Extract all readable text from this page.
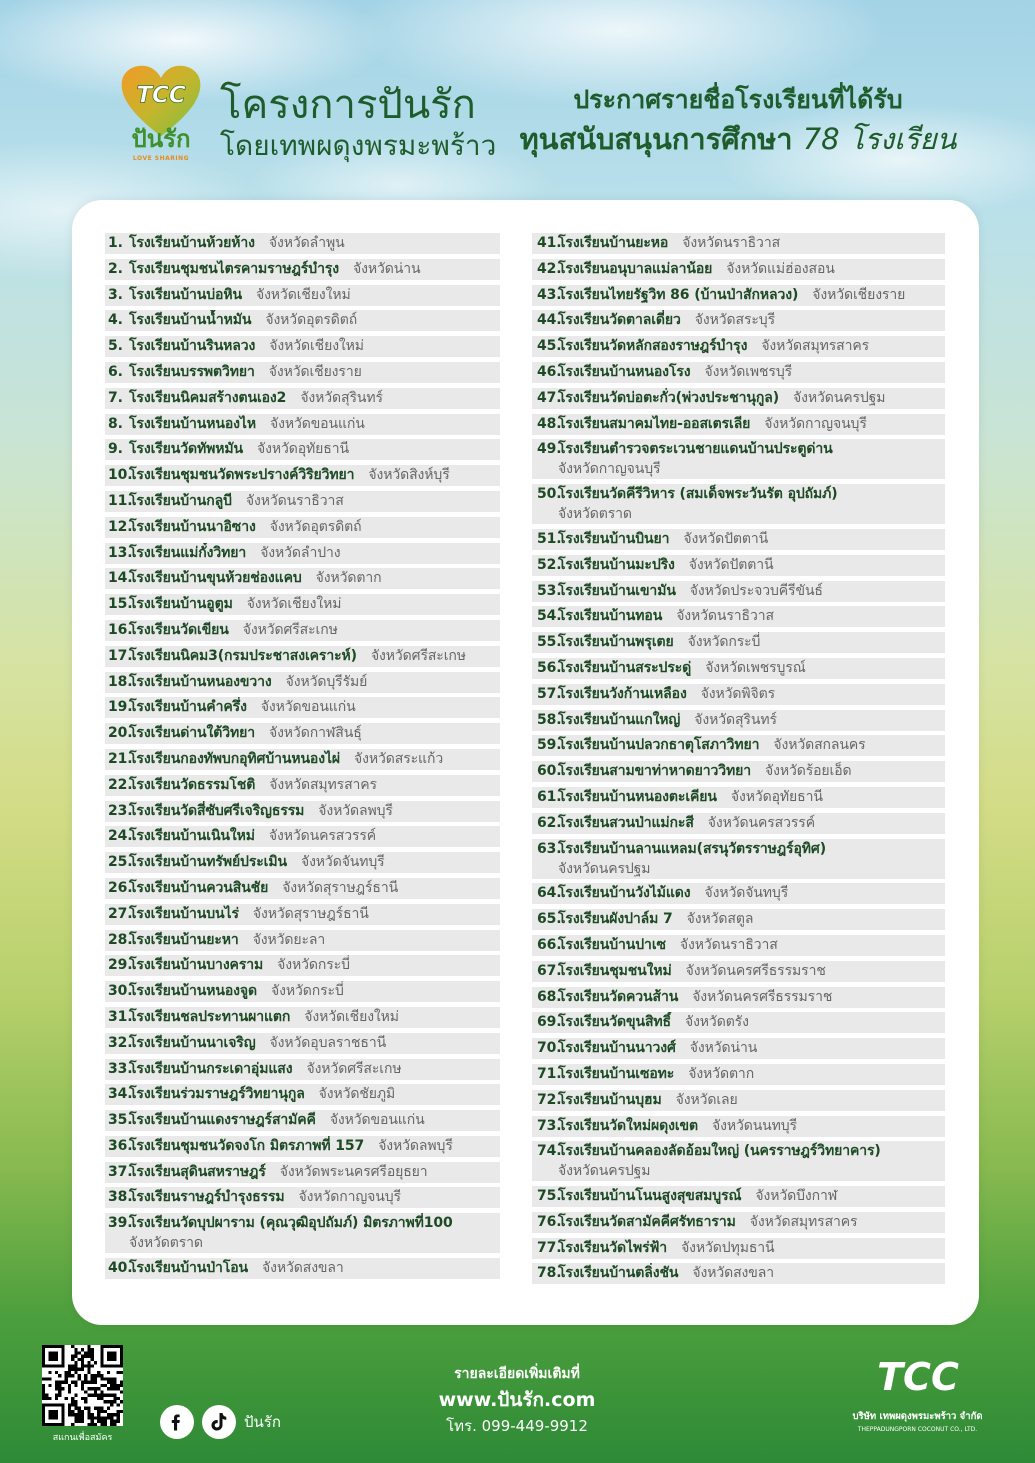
TCC
ปันรัก
LOVE SHARING
โครงการปันรัก
โดยเทพผดุงพรมะพร้าว
ประกาศรายชื่อโรงเรียนที่ได้รับ
ทุนสนับสนุนการศึกษา 78 โรงเรียน
1. โรงเรียนบ้านห้วยห้าง จังหวัดลำพูน
2. โรงเรียนชุมชนไตรคามราษฎร์บำรุง จังหวัดน่าน
3. โรงเรียนบ้านบ่อหิน จังหวัดเชียงใหม่
4. โรงเรียนบ้านน้ำหมัน จังหวัดอุตรดิตถ์
5. โรงเรียนบ้านรินหลวง จังหวัดเชียงใหม่
6. โรงเรียนบรรพตวิทยา จังหวัดเชียงราย
7. โรงเรียนนิคมสร้างตนเอง2 จังหวัดสุรินทร์
8. โรงเรียนบ้านหนองไห จังหวัดขอนแก่น
9. โรงเรียนวัดทัพหมัน จังหวัดอุทัยธานี
10.โรงเรียนชุมชนวัดพระปรางค์วิริยวิทยา จังหวัดสิงห์บุรี
11.โรงเรียนบ้านกลูบี จังหวัดนราธิวาส
12.โรงเรียนบ้านนาอิซาง จังหวัดอุตรดิตถ์
13.โรงเรียนแม่กั๋งวิทยา จังหวัดลำปาง
14.โรงเรียนบ้านขุนห้วยช่องแคบ จังหวัดตาก
15.โรงเรียนบ้านอูตูม จังหวัดเชียงใหม่
16.โรงเรียนวัดเขียน จังหวัดศรีสะเกษ
17.โรงเรียนนิคม3(กรมประชาสงเคราะห์) จังหวัดศรีสะเกษ
18.โรงเรียนบ้านหนองขวาง จังหวัดบุรีรัมย์
19.โรงเรียนบ้านคำครึ่ง จังหวัดขอนแก่น
20.โรงเรียนด่านใต้วิทยา จังหวัดกาฬสินธุ์
21.โรงเรียนกองทัพบกอุทิศบ้านหนองไผ่ จังหวัดสระแก้ว
22.โรงเรียนวัดธรรมโชติ จังหวัดสมุทรสาคร
23.โรงเรียนวัดสี่ซับศรีเจริญธรรม จังหวัดลพบุรี
24.โรงเรียนบ้านเนินใหม่ จังหวัดนครสวรรค์
25.โรงเรียนบ้านทรัพย์ประเมิน จังหวัดจันทบุรี
26.โรงเรียนบ้านควนสินชัย จังหวัดสุราษฎร์ธานี
27.โรงเรียนบ้านบนไร่ จังหวัดสุราษฎร์ธานี
28.โรงเรียนบ้านยะหา จังหวัดยะลา
29.โรงเรียนบ้านบางคราม จังหวัดกระบี่
30.โรงเรียนบ้านหนองจูด จังหวัดกระบี่
31.โรงเรียนชลประทานผาแตก จังหวัดเชียงใหม่
32.โรงเรียนบ้านนาเจริญ จังหวัดอุบลราชธานี
33.โรงเรียนบ้านกระเดาอุ่มแสง จังหวัดศรีสะเกษ
34.โรงเรียนร่วมราษฎร์วิทยานุกูล จังหวัดชัยภูมิ
35.โรงเรียนบ้านแดงราษฎร์สามัคคี จังหวัดขอนแก่น
36.โรงเรียนชุมชนวัดจงโก มิตรภาพที่ 157 จังหวัดลพบุรี
37.โรงเรียนสุดินสหราษฎร์ จังหวัดพระนครศรีอยุธยา
38.โรงเรียนราษฎร์บำรุงธรรม จังหวัดกาญจนบุรี
39.โรงเรียนวัดบุปผาราม (คุณวุฒิอุปถัมภ์) มิตรภาพที่100
จังหวัดตราด
40.โรงเรียนบ้านป่าโอน จังหวัดสงขลา
41.โรงเรียนบ้านยะหอ จังหวัดนราธิวาส
42.โรงเรียนอนุบาลแม่ลาน้อย จังหวัดแม่ฮ่องสอน
43.โรงเรียนไทยรัฐวิท 86 (บ้านป่าสักหลวง) จังหวัดเชียงราย
44.โรงเรียนวัดตาลเดี่ยว จังหวัดสระบุรี
45.โรงเรียนวัดหลักสองราษฎร์บำรุง จังหวัดสมุทรสาคร
46.โรงเรียนบ้านหนองโรง จังหวัดเพชรบุรี
47.โรงเรียนวัดบ่อตะกั่ว(พ่วงประชานุกูล) จังหวัดนครปฐม
48.โรงเรียนสมาคมไทย-ออสเตรเลีย จังหวัดกาญจนบุรี
49.โรงเรียนตำรวจตระเวนชายแดนบ้านประตูด่าน
จังหวัดกาญจนบุรี
50.โรงเรียนวัดคีรีวิหาร (สมเด็จพระวันรัต อุปถัมภ์)
จังหวัดตราด
51.โรงเรียนบ้านบินยา จังหวัดปัตตานี
52.โรงเรียนบ้านมะปริง จังหวัดปัตตานี
53.โรงเรียนบ้านเขามัน จังหวัดประจวบคีรีขันธ์
54.โรงเรียนบ้านทอน จังหวัดนราธิวาส
55.โรงเรียนบ้านพรุเตย จังหวัดกระบี่
56.โรงเรียนบ้านสระประดู่ จังหวัดเพชรบูรณ์
57.โรงเรียนวังก้านเหลือง จังหวัดพิจิตร
58.โรงเรียนบ้านแกใหญ่ จังหวัดสุรินทร์
59.โรงเรียนบ้านปลวกธาตุโสภาวิทยา จังหวัดสกลนคร
60.โรงเรียนสามขาท่าหาดยาววิทยา จังหวัดร้อยเอ็ด
61.โรงเรียนบ้านหนองตะเคียน จังหวัดอุทัยธานี
62.โรงเรียนสวนป่าแม่กะสี จังหวัดนครสวรรค์
63.โรงเรียนบ้านลานแหลม(สรนุวัตรราษฎร์อุทิศ)
จังหวัดนครปฐม
64.โรงเรียนบ้านวังไม้แดง จังหวัดจันทบุรี
65.โรงเรียนผังปาล์ม 7 จังหวัดสตูล
66.โรงเรียนบ้านปาเซ จังหวัดนราธิวาส
67.โรงเรียนชุมชนใหม่ จังหวัดนครศรีธรรมราช
68.โรงเรียนวัดควนส้าน จังหวัดนครศรีธรรมราช
69.โรงเรียนวัดขุนสิทธิ์ จังหวัดตรัง
70.โรงเรียนบ้านนาวงศ์ จังหวัดน่าน
71.โรงเรียนบ้านเซอทะ จังหวัดตาก
72.โรงเรียนบ้านบุฮม จังหวัดเลย
73.โรงเรียนวัดใหม่ผดุงเขต จังหวัดนนทบุรี
74.โรงเรียนบ้านคลองลัดอ้อมใหญ่ (นครราษฎร์วิทยาคาร)
จังหวัดนครปฐม
75.โรงเรียนบ้านโนนสูงสุขสมบูรณ์ จังหวัดบึงกาฬ
76.โรงเรียนวัดสามัคคีศรัทธาราม จังหวัดสมุทรสาคร
77.โรงเรียนวัดไพร่ฟ้า จังหวัดปทุมธานี
78.โรงเรียนบ้านตลิ่งชัน จังหวัดสงขลา
สแกนเพื่อสมัคร
ปันรัก
รายละเอียดเพิ่มเติมที่
www.ปันรัก.com
โทร. 099-449-9912
TCC
บริษัท เทพผดุงพรมะพร้าว จำกัด
THEPPADUNGPORN COCONUT CO., LTD.
